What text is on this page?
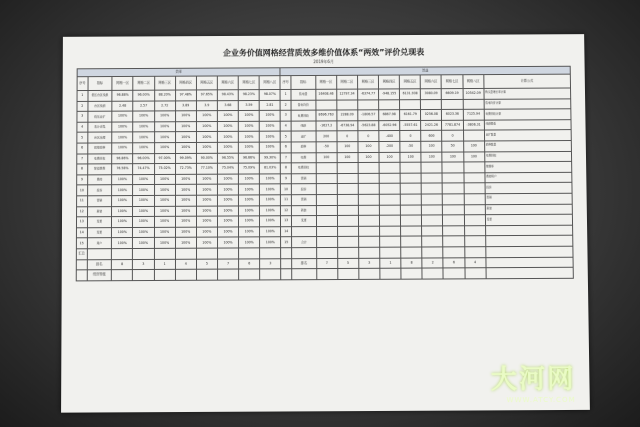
企业务价值网格经营质效多维价值体系“两效”评价兑现表
2019年6月
效率										效益										
序号	指标	网格一区	网格二区	网格三区	网格四区	网格五区	网格六区	网格七区	网格八区	序号	指标	网格一区	网格二区	网格三区	网格四区	网格五区	网格六区	网格七区	网格八区	计算公式
1	低压台区线损	96.88%	96.00%	88.20%	97.48%	97.65%	98.43%	98.23%	98.07%	1	售电量	16408.46	12797.34	-6374.77	-948.155	6131.938	3080.09	6609.19	10542.09	购买量增长率计算
2	台区线损	2.48	2.57	2.72	3.89	3.9	3.68	3.59	2.81	2	售电均价									售电均价计算
3	低压业扩	100%	100%	100%	100%	100%	100%	100%	100%	3	电费回收	8696.763	2288.09	-1806.57	6867.98	6161.79	0256.08	6023.36	7125.94	电费回收计算
4	表计采集	100%	100%	100%	100%	100%	100%	100%	100%	4	线损	-1627.2	-6738.94	-5623.88	-6052.96	-5557.61	2421.26	7781.874	-3806.31	线损降低
5	台区治理	100%	100%	100%	100%	100%	100%	100%	100%	5	业扩	200	0	0	-400	0	600	0		业扩数量
6	故障抢修	100%	100%	100%	100%	100%	100%	100%	100%	6	抢修	-50	100	100	-200	-50	100	50	100	抢修数量
7	电费回收	96.86%	96.00%	97.00%	99.09%	90.00%	96.55%	96.66%	99.30%	7	电费	100	100	100	100	100	100	100	100	电费回收
8	智能缴费	76.58%	74.47%	75.02%	72.73%	77.10%	75.04%	75.09%	81.03%	8	电费回收									缴费率
9	费控	100%	100%	100%	100%	100%	100%	100%	100%	9	营销									费控用户
10	投诉	100%	100%	100%	100%	100%	100%	100%	100%	10	投诉									投诉
11	营销	100%	100%	100%	100%	100%	100%	100%	100%	11	营销									营销
12	新装	100%	100%	100%	100%	100%	100%	100%	100%	12	新装									新装
13	变更	100%	100%	100%	100%	100%	100%	100%	100%	13	变更									变更
14	变更	100%	100%	100%	100%	100%	100%	100%	100%	14										
15	用户	100%	100%	100%	100%	100%	100%	100%	100%	15	合计									
汇总																				
	排名	8	3	1	4	5	7	6	3		排名	7	5	3	1	8	2	6	4	
	绩效等级																			
大河网
WWW.ATCY.COM
